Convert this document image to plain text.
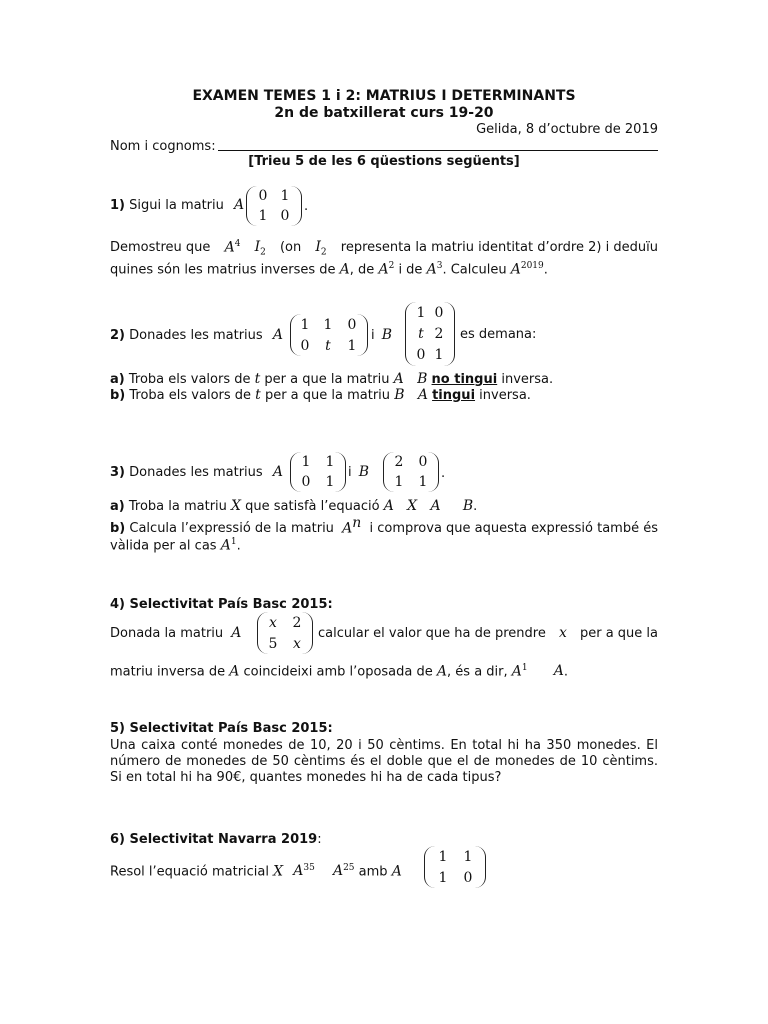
EXAMEN TEMES 1 i 2: MATRIUS I DETERMINANTS
2n de batxillerat curs 19-20
Gelida, 8 d’octubre de 2019
Nom i cognoms:
[Trieu 5 de les 6 qüestions següents]
1) Sigui la matriu A
0 1
1 0
.
Demostreu que $A^4$ $I_2$ (on $I_2$ representa la matriu identitat d’ordre 2) i deduïu
quines són les matrius inverses de A, de $A^2$ i de $A^3$. Calculeu $A^{2019}$.
2) Donades les matrius A
1	1	0
0	t	1
i B
1 0
t 2
0 1
es demana:
a) Troba els valors de t per a que la matriu A   B no tingui inversa.
b) Troba els valors de t per a que la matriu B   A tingui inversa.
3) Donades les matrius A
1	1
0	1
i B
2	0
1	1
.
a) Troba la matriu X que satisfà l’equació A   X   A     B.
b) Calcula l’expressió de la matriu $A^n$ i comprova que aquesta expressió també és
vàlida per al cas $A^1$.
4) Selectivitat País Basc 2015:
Donada la matriu A
x	2
5	x
calcular el valor que ha de prendre x per a que la
matriu inversa de A coincideixi amb l’oposada de A, és a dir, $A^1$ A.
5) Selectivitat País Basc 2015:
Una caixa conté monedes de 10, 20 i 50 cèntims. En total hi ha 350 monedes. El número de monedes de 50 cèntims és el doble que el de monedes de 10 cèntims. Si en total hi ha 90€, quantes monedes hi ha de cada tipus?
6) Selectivitat Navarra 2019:
Resol l’equació matricial X $A^{35}$ $A^{25}$ amb A
1	1
1	0
